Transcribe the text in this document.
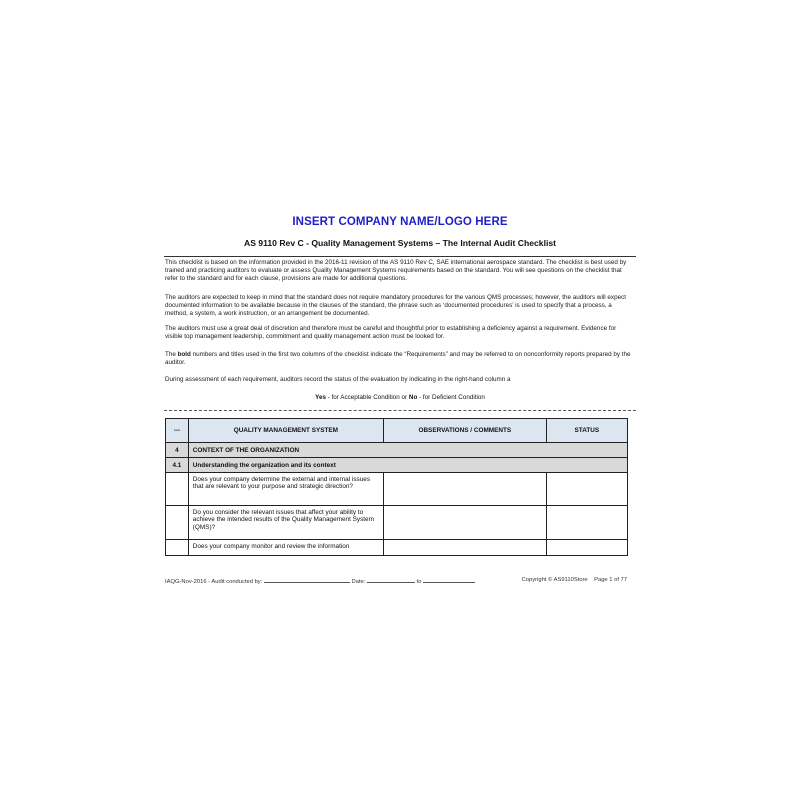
INSERT COMPANY NAME/LOGO HERE
AS 9110 Rev C - Quality Management Systems – The Internal Audit Checklist
This checklist is based on the information provided in the 2016-11 revision of the AS 9110 Rev C, SAE international aerospace standard. The checklist is best used by trained and practicing auditors to evaluate or assess Quality Management Systems requirements based on the standard. You will see questions on the checklist that refer to the standard and for each clause, provisions are made for additional questions.
The auditors are expected to keep in mind that the standard does not require mandatory procedures for the various QMS processes; however, the auditors will expect documented information to be available because in the clauses of the standard, the phrase such as ‘documented procedures’ is used to specify that a process, a method, a system, a work instruction, or an arrangement be documented.
The auditors must use a great deal of discretion and therefore must be careful and thoughtful prior to establishing a deficiency against a requirement. Evidence for visible top management leadership, commitment and quality management action must be looked for.
The bold numbers and titles used in the first two columns of the checklist indicate the “Requirements” and may be referred to on nonconformity reports prepared by the auditor.
During assessment of each requirement, auditors record the status of the evaluation by indicating in the right-hand column a
Yes - for Acceptable Condition or No - for Deficient Condition
---	QUALITY MANAGEMENT SYSTEM	OBSERVATIONS / COMMENTS	STATUS
4	CONTEXT OF THE ORGANIZATION		
4.1	Understanding the organization and its context		
	Does your company determine the external and internal issues that are relevant to your purpose and strategic direction?		
	Do you consider the relevant issues that affect your ability to achieve the intended results of the Quality Management System (QMS)?		
	Does your company monitor and review the information		
IAQG-Nov-2016 - Audit conducted by:	Date:	to	Copyright © AS9110Store Page 1 of 77
